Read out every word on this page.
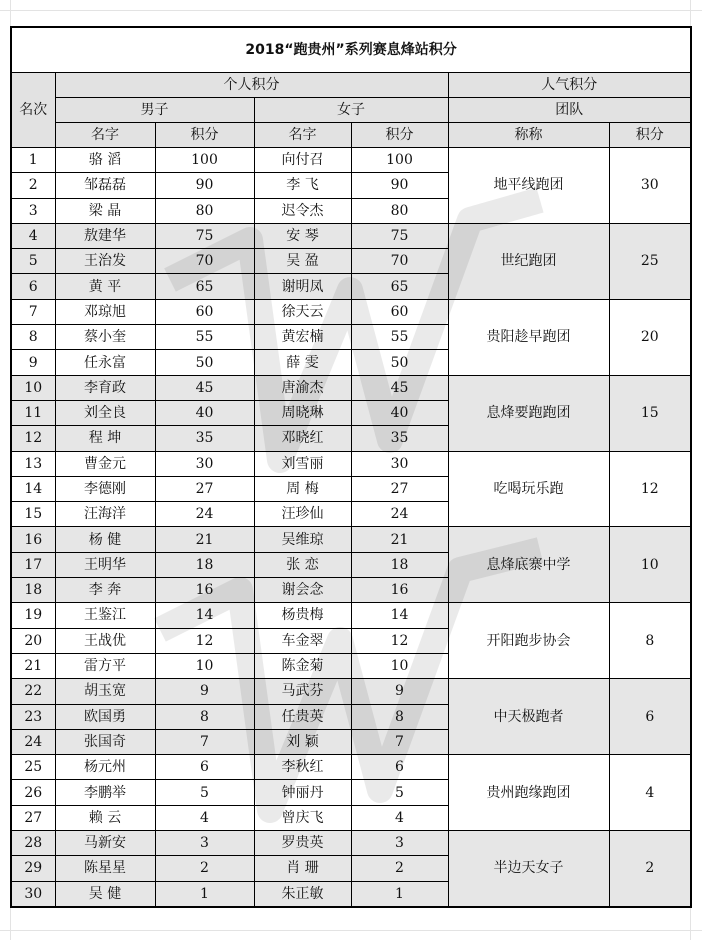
2018“跑贵州”系列赛息烽站积分						
名次	个人积分				人气积分	
	男子		女子		团队	
	名字	积分	名字	积分	称称	积分
1	骆 滔	100	向付召	100	地平线跑团	30
2	邹磊磊	90	李 飞	90		
3	梁 晶	80	迟令杰	80		
4	敖建华	75	安 琴	75	世纪跑团	25
5	王治发	70	吴 盈	70		
6	黄 平	65	谢明凤	65		
7	邓琼旭	60	徐天云	60	贵阳趁早跑团	20
8	蔡小奎	55	黄宏楠	55		
9	任永富	50	薛 雯	50		
10	李育政	45	唐渝杰	45	息烽要跑跑团	15
11	刘全良	40	周晓琳	40		
12	程 坤	35	邓晓红	35		
13	曹金元	30	刘雪丽	30	吃喝玩乐跑	12
14	李德刚	27	周 梅	27		
15	汪海洋	24	汪珍仙	24		
16	杨 健	21	吴维琼	21	息烽底寨中学	10
17	王明华	18	张 恋	18		
18	李 奔	16	谢会念	16		
19	王鉴江	14	杨贵梅	14	开阳跑步协会	8
20	王战优	12	车金翠	12		
21	雷方平	10	陈金菊	10		
22	胡玉宽	9	马武芬	9	中天极跑者	6
23	欧国勇	8	任贵英	8		
24	张国奇	7	刘 颖	7		
25	杨元州	6	李秋红	6	贵州跑缘跑团	4
26	李鹏举	5	钟丽丹	5		
27	赖 云	4	曾庆飞	4		
28	马新安	3	罗贵英	3	半边天女子	2
29	陈星星	2	肖 珊	2		
30	吴 健	1	朱正敏	1		
